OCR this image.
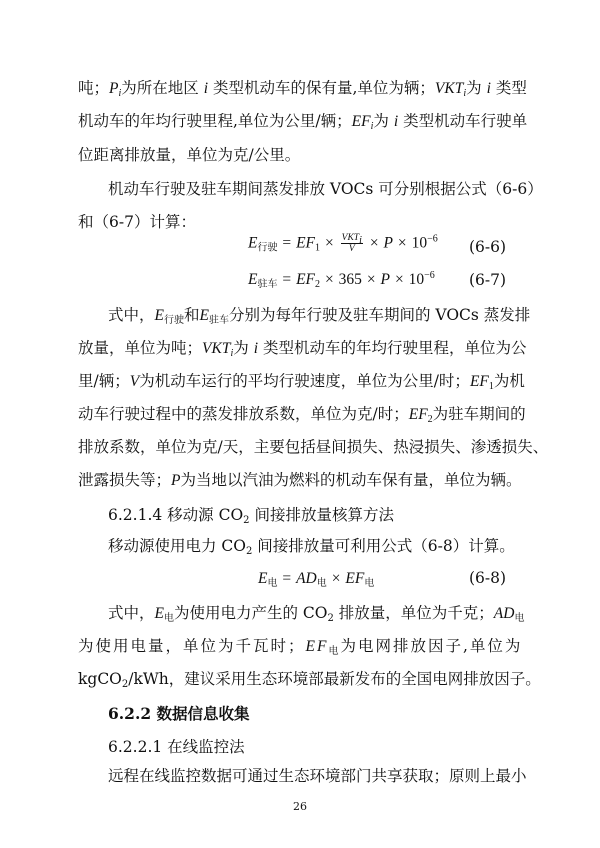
吨；$P_i$为所在地区 i 类型机动车的保有量,单位为辆；$VKT_i$为 i 类型
机动车的年均行驶里程,单位为公里/辆；$EF_i$为 i 类型机动车行驶单
位距离排放量，单位为克/公里。
机动车行驶及驻车期间蒸发排放 VOCs 可分别根据公式（6-6）
和（6-7）计算：
$E_{行驶} = EF_1 \times \frac{VKT_i}{V} \times P \times 10^{-6}$ (6-6)
$E_{驻车} = EF_2 \times 365 \times P \times 10^{-6}$ (6-7)
式中，$E_{行驶}$和$E_{驻车}$分别为每年行驶及驻车期间的 VOCs 蒸发排
放量，单位为吨；$VKT_i$为 i 类型机动车的年均行驶里程，单位为公
里/辆；V为机动车运行的平均行驶速度，单位为公里/时；$EF_1$为机
动车行驶过程中的蒸发排放系数，单位为克/时；$EF_2$为驻车期间的
排放系数，单位为克/天，主要包括昼间损失、热浸损失、渗透损失、
泄露损失等；P为当地以汽油为燃料的机动车保有量，单位为辆。
6.2.1.4 移动源 $CO_2$ 间接排放量核算方法
移动源使用电力 $CO_2$ 间接排放量可利用公式（6-8）计算。
$E_电 = AD_电 \times EF_电$	(6-8)
式中，$E_电$为使用电力产生的 $CO_2$ 排放量，单位为千克；$AD_电$
为使用电量，单位为千瓦时；$EF_电$为电网排放因子,单位为
kgCO$_2$/kWh，建议采用生态环境部最新发布的全国电网排放因子。
6.2.2 数据信息收集
6.2.2.1 在线监控法
远程在线监控数据可通过生态环境部门共享获取；原则上最小
26
